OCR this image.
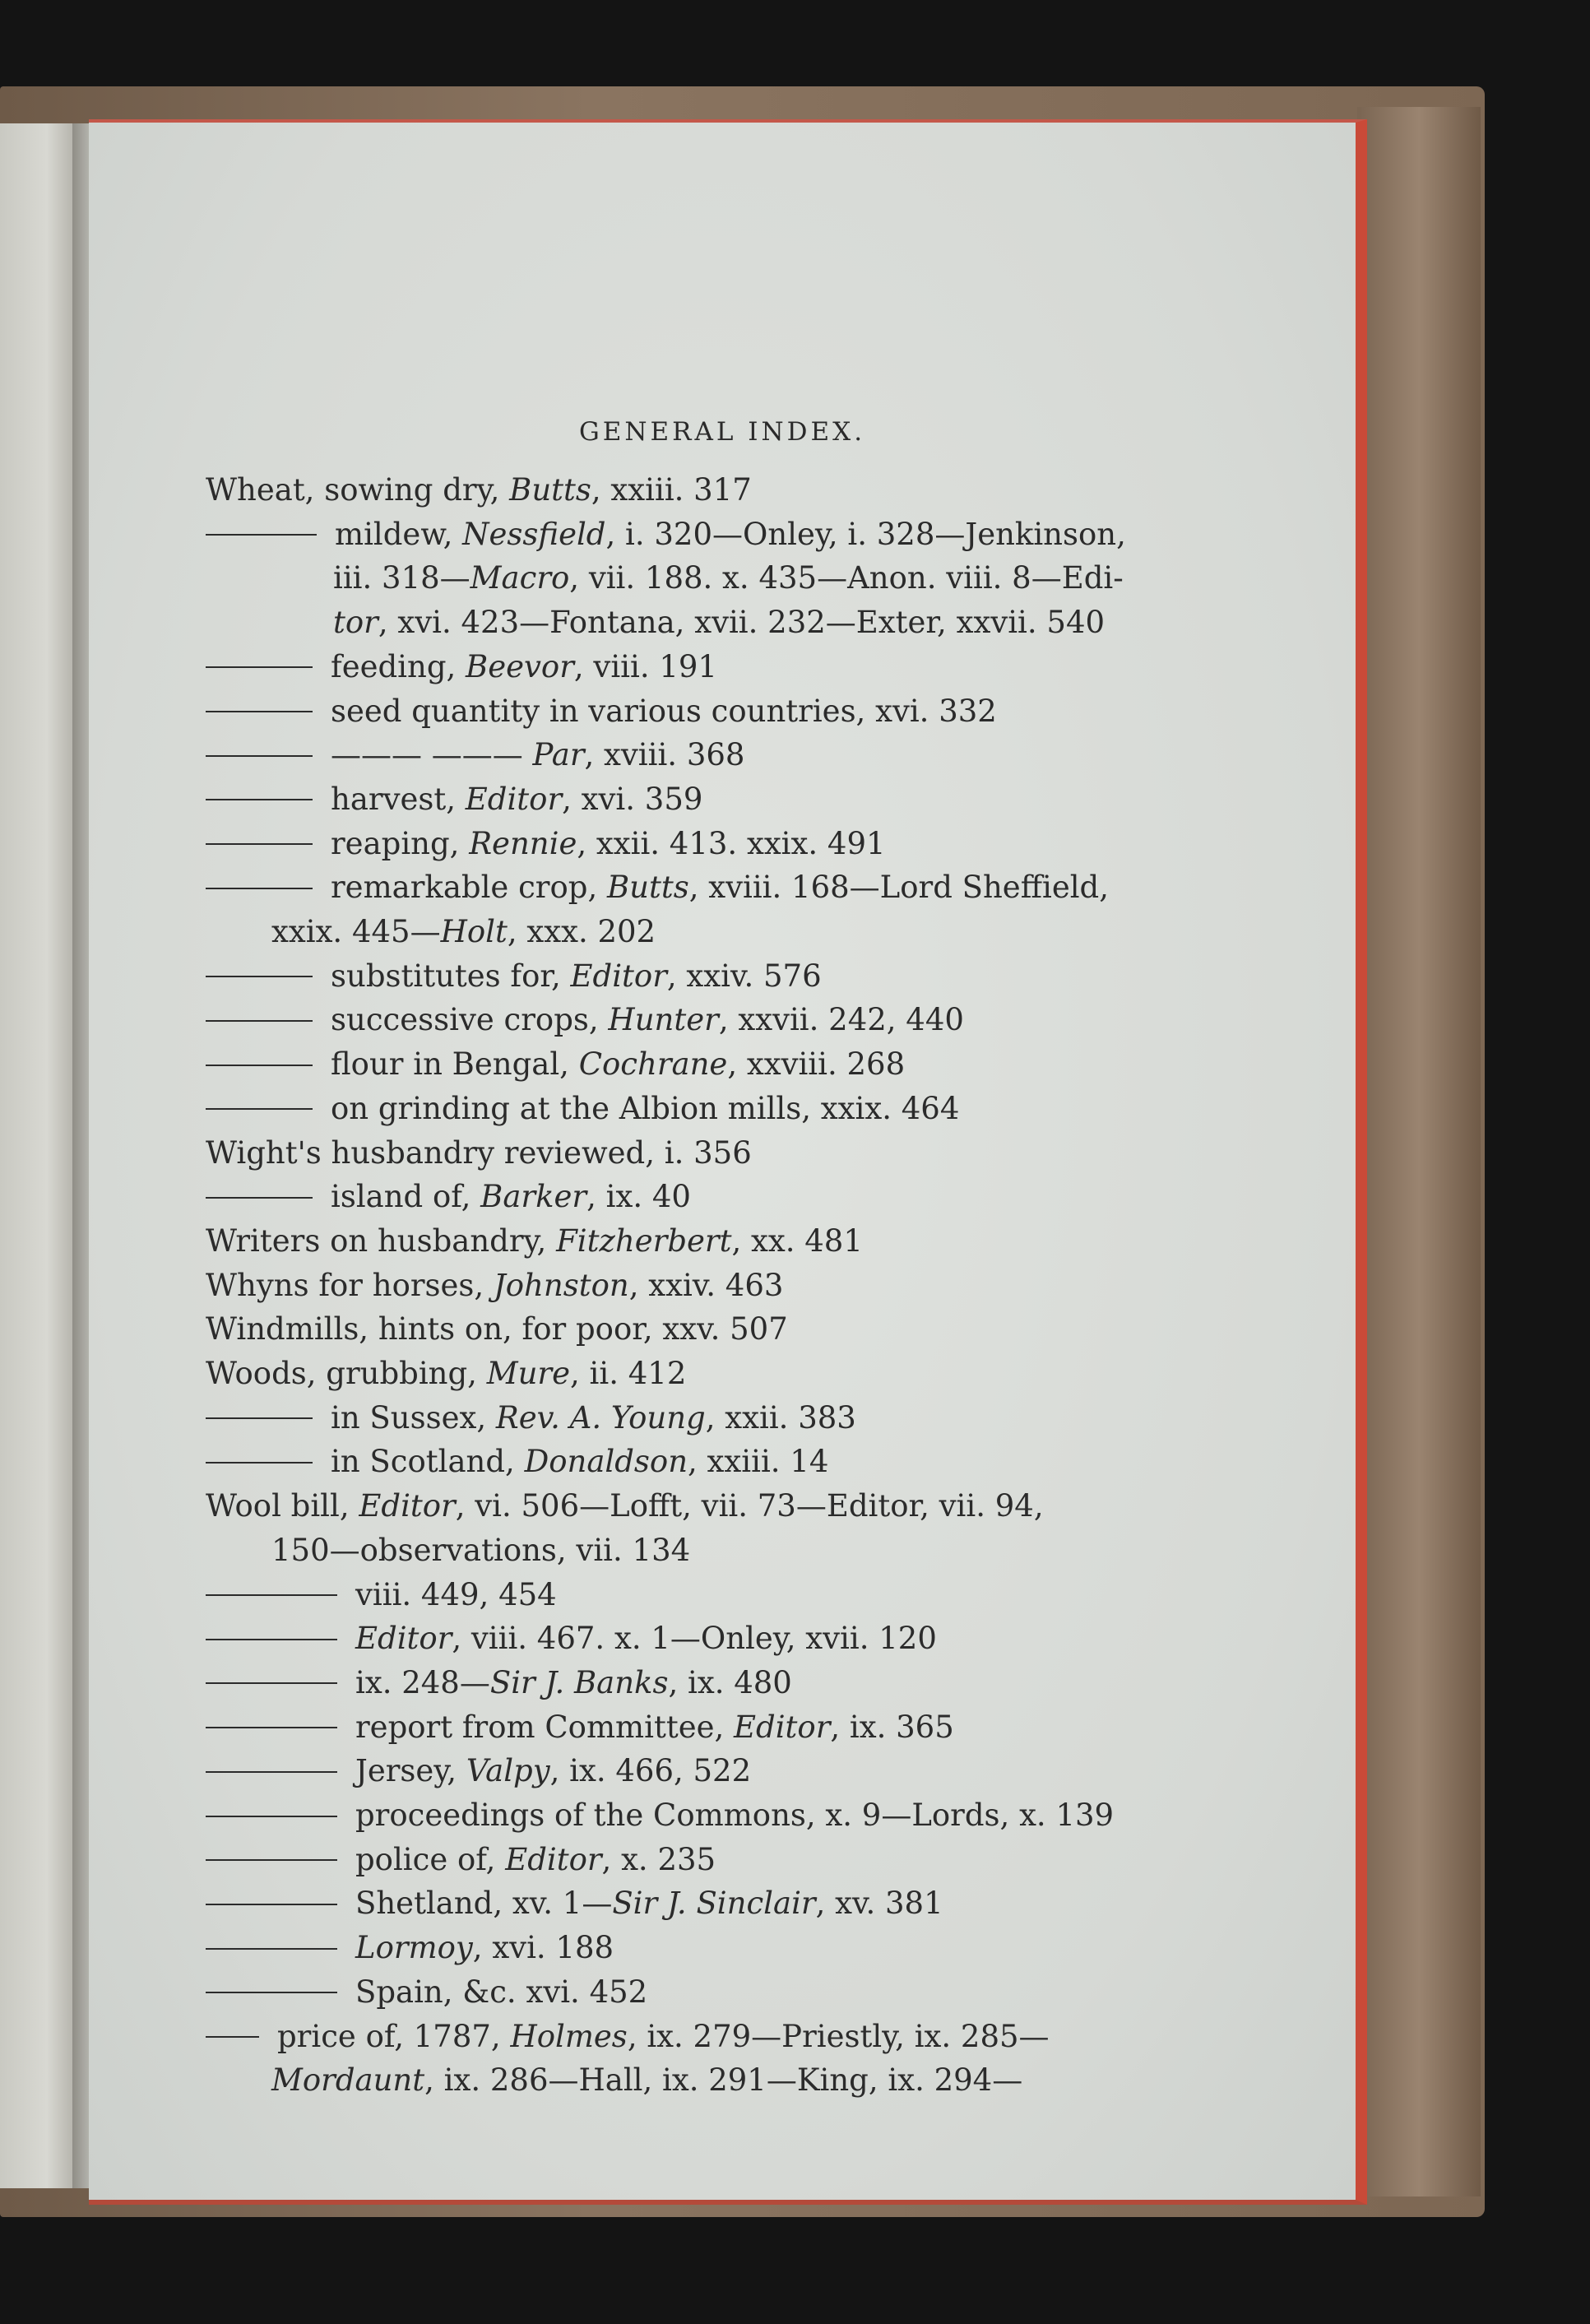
GENERAL INDEX.
Wheat, sowing dry, Butts, xxiii. 317
mildew, Nessfield, i. 320—Onley, i. 328—Jenkinson,
iii. 318—Macro, vii. 188. x. 435—Anon. viii. 8—Edi-
tor, xvi. 423—Fontana, xvii. 232—Exter, xxvii. 540
feeding, Beevor, viii. 191
seed quantity in various countries, xvi. 332
——— ——— Par, xviii. 368
harvest, Editor, xvi. 359
reaping, Rennie, xxii. 413. xxix. 491
remarkable crop, Butts, xviii. 168—Lord Sheffield,
xxix. 445—Holt, xxx. 202
substitutes for, Editor, xxiv. 576
successive crops, Hunter, xxvii. 242, 440
flour in Bengal, Cochrane, xxviii. 268
on grinding at the Albion mills, xxix. 464
Wight's husbandry reviewed, i. 356
island of, Barker, ix. 40
Writers on husbandry, Fitzherbert, xx. 481
Whyns for horses, Johnston, xxiv. 463
Windmills, hints on, for poor, xxv. 507
Woods, grubbing, Mure, ii. 412
in Sussex, Rev. A. Young, xxii. 383
in Scotland, Donaldson, xxiii. 14
Wool bill, Editor, vi. 506—Lofft, vii. 73—Editor, vii. 94,
150—observations, vii. 134
viii. 449, 454
Editor, viii. 467. x. 1—Onley, xvii. 120
ix. 248—Sir J. Banks, ix. 480
report from Committee, Editor, ix. 365
Jersey, Valpy, ix. 466, 522
proceedings of the Commons, x. 9—Lords, x. 139
police of, Editor, x. 235
Shetland, xv. 1—Sir J. Sinclair, xv. 381
Lormoy, xvi. 188
Spain, &c. xvi. 452
price of, 1787, Holmes, ix. 279—Priestly, ix. 285—
Mordaunt, ix. 286—Hall, ix. 291—King, ix. 294—
